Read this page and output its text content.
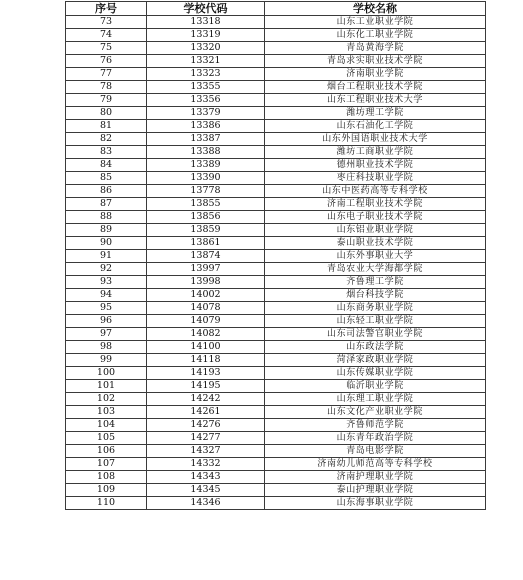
序号	学校代码	学校名称
73	13318	山东工业职业学院
74	13319	山东化工职业学院
75	13320	青岛黄海学院
76	13321	青岛求实职业技术学院
77	13323	济南职业学院
78	13355	烟台工程职业技术学院
79	13356	山东工程职业技术大学
80	13379	潍坊理工学院
81	13386	山东石油化工学院
82	13387	山东外国语职业技术大学
83	13388	潍坊工商职业学院
84	13389	德州职业技术学院
85	13390	枣庄科技职业学院
86	13778	山东中医药高等专科学校
87	13855	济南工程职业技术学院
88	13856	山东电子职业技术学院
89	13859	山东铝业职业学院
90	13861	泰山职业技术学院
91	13874	山东外事职业大学
92	13997	青岛农业大学海都学院
93	13998	齐鲁理工学院
94	14002	烟台科技学院
95	14078	山东商务职业学院
96	14079	山东轻工职业学院
97	14082	山东司法警官职业学院
98	14100	山东政法学院
99	14118	菏泽家政职业学院
100	14193	山东传媒职业学院
101	14195	临沂职业学院
102	14242	山东理工职业学院
103	14261	山东文化产业职业学院
104	14276	齐鲁师范学院
105	14277	山东青年政治学院
106	14327	青岛电影学院
107	14332	济南幼儿师范高等专科学校
108	14343	济南护理职业学院
109	14345	泰山护理职业学院
110	14346	山东海事职业学院
